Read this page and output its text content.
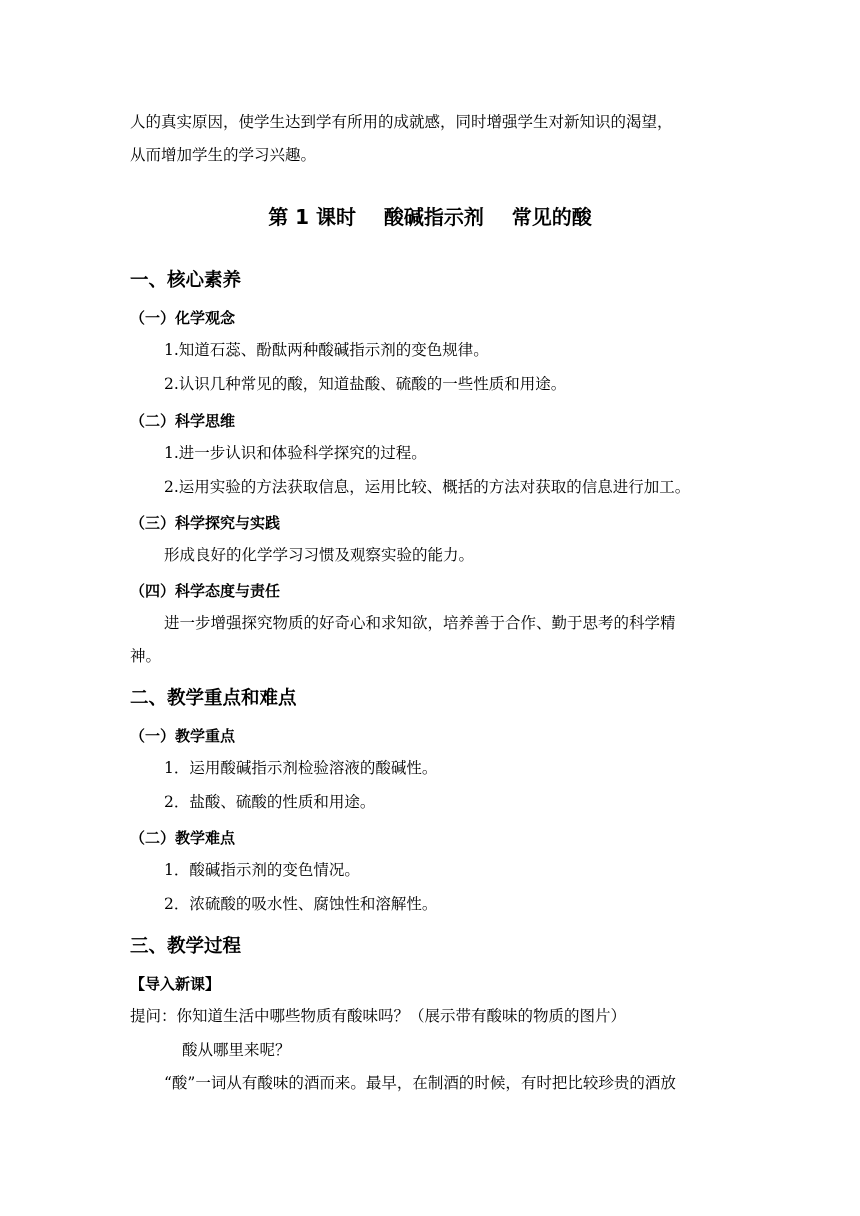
人的真实原因，使学生达到学有所用的成就感，同时增强学生对新知识的渴望，
从而增加学生的学习兴趣。
第 1 课时    酸碱指示剂    常见的酸
一、核心素养
（一）化学观念
1.知道石蕊、酚酞两种酸碱指示剂的变色规律。
2.认识几种常见的酸，知道盐酸、硫酸的一些性质和用途。
（二）科学思维
1.进一步认识和体验科学探究的过程。
2.运用实验的方法获取信息，运用比较、概括的方法对获取的信息进行加工。
（三）科学探究与实践
形成良好的化学学习习惯及观察实验的能力。
（四）科学态度与责任
进一步增强探究物质的好奇心和求知欲，培养善于合作、勤于思考的科学精
神。
二、教学重点和难点
（一）教学重点
1．运用酸碱指示剂检验溶液的酸碱性。
2．盐酸、硫酸的性质和用途。
（二）教学难点
1．酸碱指示剂的变色情况。
2．浓硫酸的吸水性、腐蚀性和溶解性。
三、教学过程
【导入新课】
提问：你知道生活中哪些物质有酸味吗？（展示带有酸味的物质的图片）
酸从哪里来呢？
“酸”一词从有酸味的酒而来。最早，在制酒的时候，有时把比较珍贵的酒放
